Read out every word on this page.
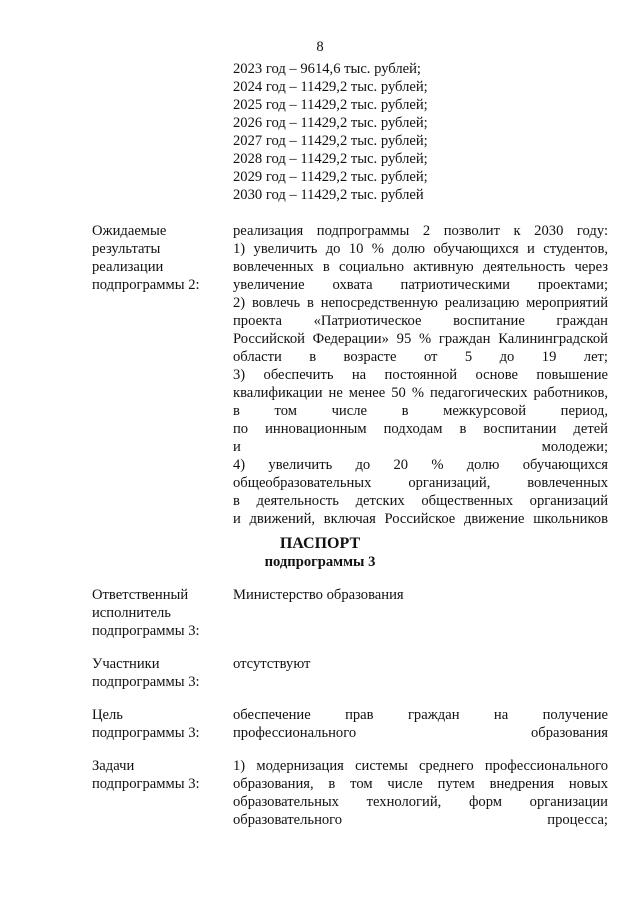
8
2023 год – 9614,6 тыс. рублей;
2024 год – 11429,2 тыс. рублей;
2025 год – 11429,2 тыс. рублей;
2026 год – 11429,2 тыс. рублей;
2027 год – 11429,2 тыс. рублей;
2028 год – 11429,2 тыс. рублей;
2029 год – 11429,2 тыс. рублей;
2030 год – 11429,2 тыс. рублей
Ожидаемые
результаты
реализации
подпрограммы 2:
реализация подпрограммы 2 позволит к 2030 году:
1) увеличить до 10 % долю обучающихся и студентов,
вовлеченных в социально активную деятельность через
увеличение охвата патриотическими проектами;
2) вовлечь в непосредственную реализацию мероприятий
проекта «Патриотическое воспитание граждан
Российской Федерации» 95 % граждан Калининградской
области в возрасте от 5 до 19 лет;
3) обеспечить на постоянной основе повышение
квалификации не менее 50 % педагогических работников,
в том числе в межкурсовой период,
по инновационным подходам в воспитании детей
и молодежи;
4) увеличить до 20 % долю обучающихся
общеобразовательных организаций, вовлеченных
в деятельность детских общественных организаций
и движений, включая Российское движение школьников
ПАСПОРТ
подпрограммы 3
Ответственный
исполнитель
подпрограммы 3:
Министерство образования
Участники
подпрограммы 3:
отсутствуют
Цель
подпрограммы 3:
обеспечение прав граждан на получение
профессионального образования
Задачи
подпрограммы 3:
1) модернизация системы среднего профессионального
образования, в том числе путем внедрения новых
образовательных технологий, форм организации
образовательного процесса;
